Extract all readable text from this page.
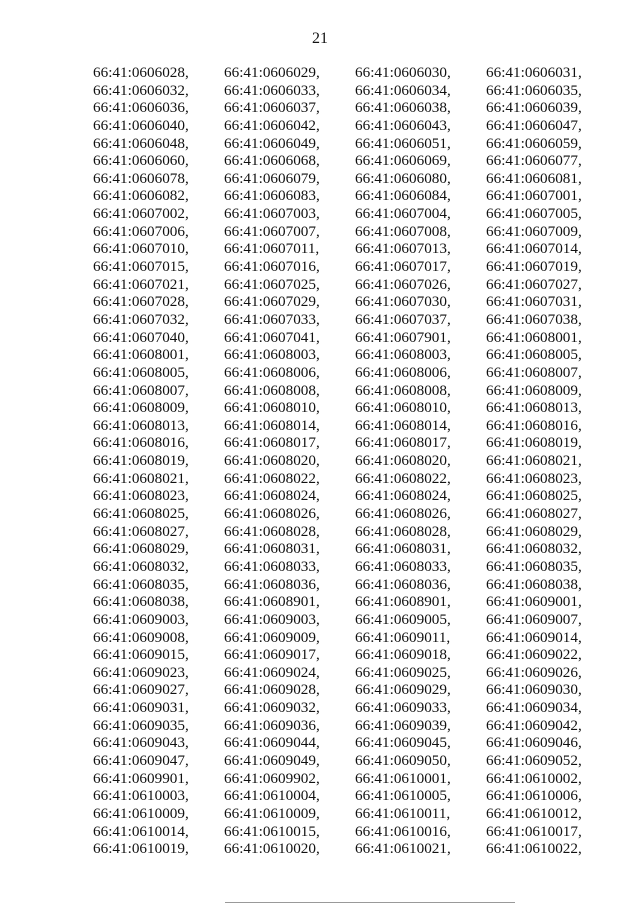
21
66:41:0606028,	66:41:0606029,	66:41:0606030,	66:41:0606031,
66:41:0606032,	66:41:0606033,	66:41:0606034,	66:41:0606035,
66:41:0606036,	66:41:0606037,	66:41:0606038,	66:41:0606039,
66:41:0606040,	66:41:0606042,	66:41:0606043,	66:41:0606047,
66:41:0606048,	66:41:0606049,	66:41:0606051,	66:41:0606059,
66:41:0606060,	66:41:0606068,	66:41:0606069,	66:41:0606077,
66:41:0606078,	66:41:0606079,	66:41:0606080,	66:41:0606081,
66:41:0606082,	66:41:0606083,	66:41:0606084,	66:41:0607001,
66:41:0607002,	66:41:0607003,	66:41:0607004,	66:41:0607005,
66:41:0607006,	66:41:0607007,	66:41:0607008,	66:41:0607009,
66:41:0607010,	66:41:0607011,	66:41:0607013,	66:41:0607014,
66:41:0607015,	66:41:0607016,	66:41:0607017,	66:41:0607019,
66:41:0607021,	66:41:0607025,	66:41:0607026,	66:41:0607027,
66:41:0607028,	66:41:0607029,	66:41:0607030,	66:41:0607031,
66:41:0607032,	66:41:0607033,	66:41:0607037,	66:41:0607038,
66:41:0607040,	66:41:0607041,	66:41:0607901,	66:41:0608001,
66:41:0608001,	66:41:0608003,	66:41:0608003,	66:41:0608005,
66:41:0608005,	66:41:0608006,	66:41:0608006,	66:41:0608007,
66:41:0608007,	66:41:0608008,	66:41:0608008,	66:41:0608009,
66:41:0608009,	66:41:0608010,	66:41:0608010,	66:41:0608013,
66:41:0608013,	66:41:0608014,	66:41:0608014,	66:41:0608016,
66:41:0608016,	66:41:0608017,	66:41:0608017,	66:41:0608019,
66:41:0608019,	66:41:0608020,	66:41:0608020,	66:41:0608021,
66:41:0608021,	66:41:0608022,	66:41:0608022,	66:41:0608023,
66:41:0608023,	66:41:0608024,	66:41:0608024,	66:41:0608025,
66:41:0608025,	66:41:0608026,	66:41:0608026,	66:41:0608027,
66:41:0608027,	66:41:0608028,	66:41:0608028,	66:41:0608029,
66:41:0608029,	66:41:0608031,	66:41:0608031,	66:41:0608032,
66:41:0608032,	66:41:0608033,	66:41:0608033,	66:41:0608035,
66:41:0608035,	66:41:0608036,	66:41:0608036,	66:41:0608038,
66:41:0608038,	66:41:0608901,	66:41:0608901,	66:41:0609001,
66:41:0609003,	66:41:0609003,	66:41:0609005,	66:41:0609007,
66:41:0609008,	66:41:0609009,	66:41:0609011,	66:41:0609014,
66:41:0609015,	66:41:0609017,	66:41:0609018,	66:41:0609022,
66:41:0609023,	66:41:0609024,	66:41:0609025,	66:41:0609026,
66:41:0609027,	66:41:0609028,	66:41:0609029,	66:41:0609030,
66:41:0609031,	66:41:0609032,	66:41:0609033,	66:41:0609034,
66:41:0609035,	66:41:0609036,	66:41:0609039,	66:41:0609042,
66:41:0609043,	66:41:0609044,	66:41:0609045,	66:41:0609046,
66:41:0609047,	66:41:0609049,	66:41:0609050,	66:41:0609052,
66:41:0609901,	66:41:0609902,	66:41:0610001,	66:41:0610002,
66:41:0610003,	66:41:0610004,	66:41:0610005,	66:41:0610006,
66:41:0610009,	66:41:0610009,	66:41:0610011,	66:41:0610012,
66:41:0610014,	66:41:0610015,	66:41:0610016,	66:41:0610017,
66:41:0610019,	66:41:0610020,	66:41:0610021,	66:41:0610022,
